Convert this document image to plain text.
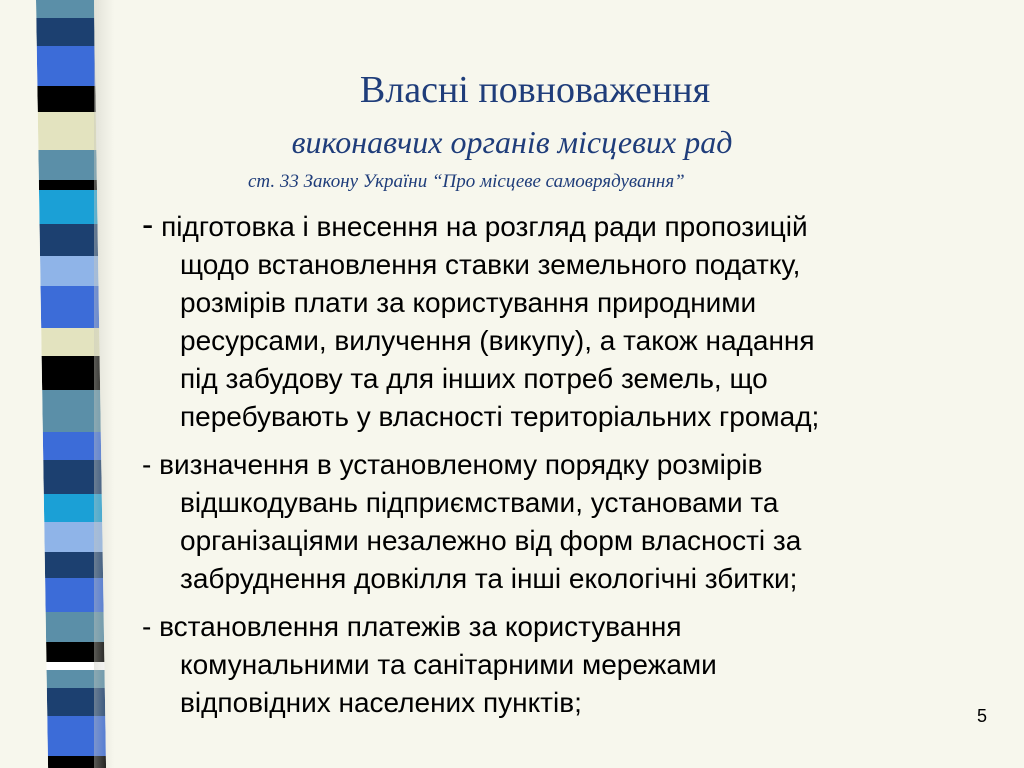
Власні повноваження
виконавчих органів місцевих рад
ст. 33 Закону України “Про місцеве самоврядування”
- підготовка і внесення на розгляд ради пропозицій
щодо встановлення ставки земельного податку,
розмірів плати за користування природними
ресурсами, вилучення (викупу), а також надання
під забудову та для інших потреб земель, що
перебувають у власності територіальних громад;
- визначення в установленому порядку розмірів
відшкодувань підприємствами, установами та
організаціями незалежно від форм власності за
забруднення довкілля та інші екологічні збитки;
- встановлення платежів за користування
комунальними та санітарними мережами
відповідних населених пунктів;	5
